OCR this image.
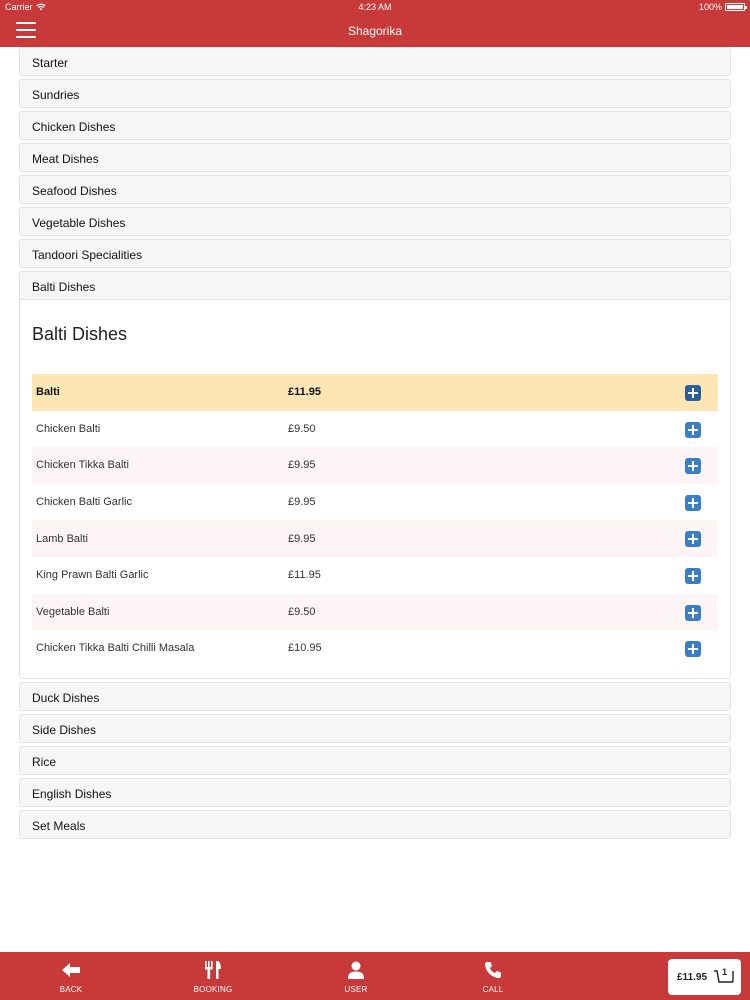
Carrier	4:23 AM	100%
Shagorika
Starter
Sundries
Chicken Dishes
Meat Dishes
Seafood Dishes
Vegetable Dishes
Tandoori Specialities
Balti Dishes
Balti Dishes
Balti	£11.95
Chicken Balti	£9.50
Chicken Tikka Balti	£9.95
Chicken Balti Garlic	£9.95
Lamb Balti	£9.95
King Prawn Balti Garlic	£11.95
Vegetable Balti	£9.50
Chicken Tikka Balti Chilli Masala	£10.95
Duck Dishes
Side Dishes
Rice
English Dishes
Set Meals
BACK	BOOKING	USER	CALL
£11.95 1
